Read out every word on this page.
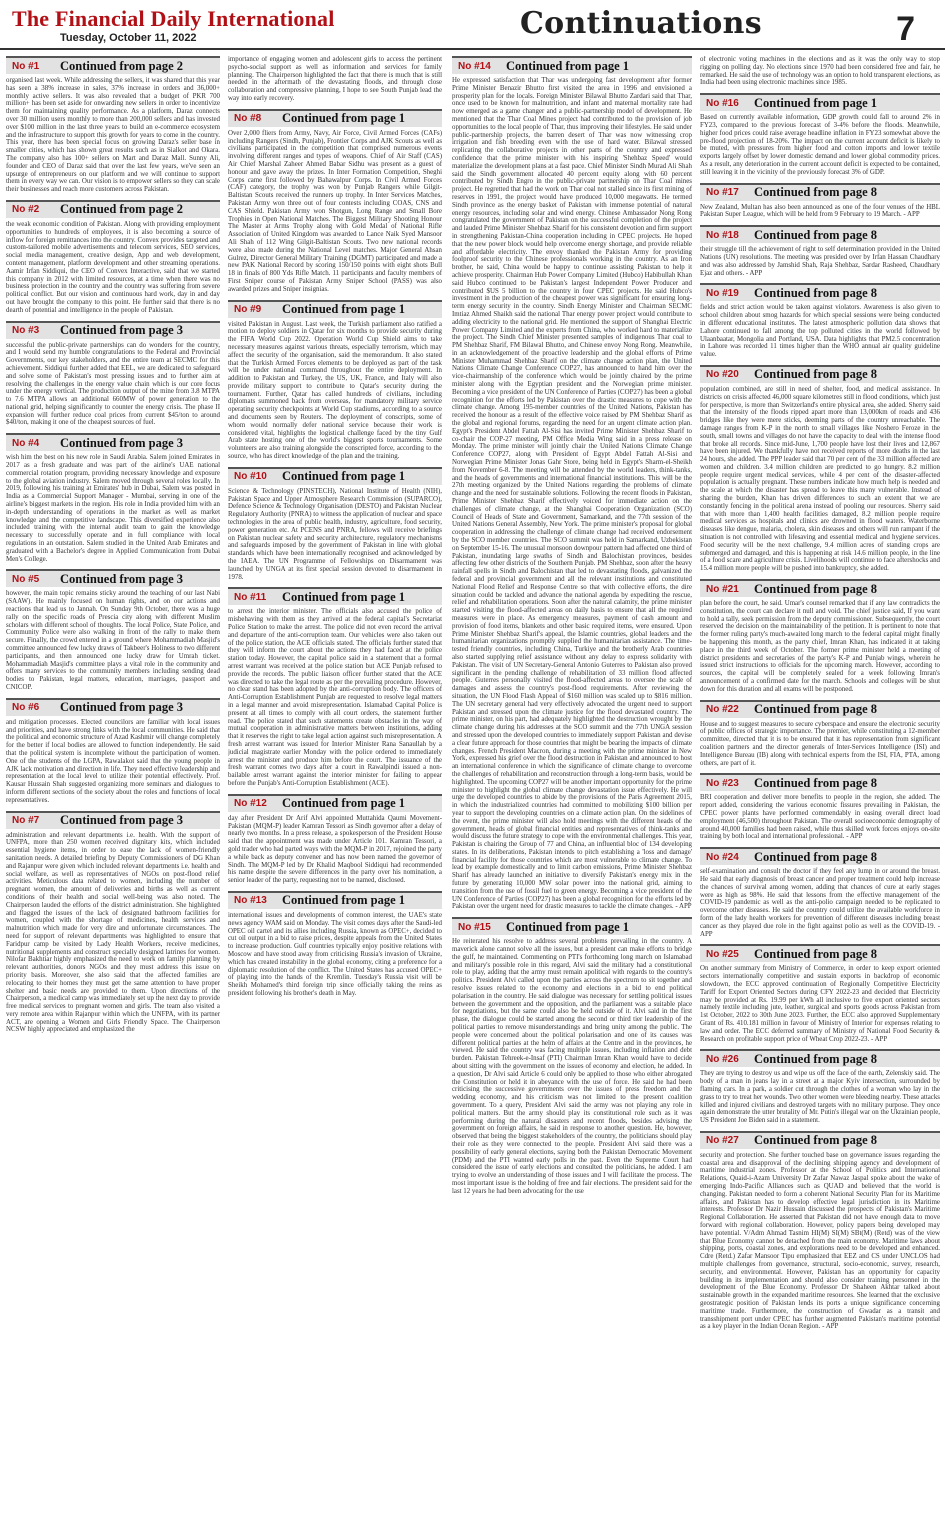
The Financial Daily International
Tuesday, October 11, 2022	Continuations	7
No #1	Continued from page 2
organised last week. While addressing the sellers, it was shared that this year has seen a 38% increase in sales, 37% increase in orders and 36,000+ monthly active sellers. It was also revealed that a budget of PKR 700 million+ has been set aside for onwarding new sellers in order to incentivize them for maintaining quality performance. As a platform, Daraz connects over 30 million users monthly to more than 200,000 sellers and has invested over $100 million in the last three years to build an e-commerce ecosystem and the infrastructure to support this growth for years to come in the country. This year, there has been special focus on growing Daraz's seller base in smaller cities, which has shown great results such as in Sialkot and Okara. The company also has 100+ sellers on Mart and Daraz Mall. Sunny Ali, founder and CEO of Daraz said that over the last few years, we've seen an upsurge of entrepreneurs on our platform and we will continue to support them in every way we can. Our vision is to empower sellers so they can scale their businesses and reach more customers across Pakistan.
No #2	Continued from page 2
the weak economic condition of Pakistan. Along with providing employment opportunities to hundreds of employees, it is also becoming a source of inflow for foreign remittances into the country. Convex provides targeted and custom-tailored mobile advertisements and telecom services, SEO services, social media management, creative design, App and web development, content management, platform development and other streaming operations. Aamir Irfan Siddiqui, the CEO of Convex Interactive, said that we started this company in 2012 with limited resources, at a time when there was no business protection in the country and the country was suffering from severe political conflict. But our vision and continuous hard work, day in and day out have brought the company to this point. He further said that there is no dearth of potential and intelligence in the people of Pakistan.
No #3	Continued from page 3
successful the public-private partnerships can do wonders for the country, and I would send my humble congratulations to the Federal and Provincial Governments, our key stakeholders, and the entire team at SECMC for this achievement. Siddiqui further added that EEL, we are dedicated to safeguard and solve some of Pakistan's most pressing issues and to further aim at resolving the challenges in the energy value chain which is our core focus under the energy vertical. The production output of the mine from 3.8 MTPA to 7.6 MTPA allows an additional 660MW of power generation to the national grid, helping significantly to counter the energy crisis. The phase II expansion will further reduce coal prices from current $45/ton to around $40/ton, making it one of the cheapest sources of fuel.
No #4	Continued from page 3
wish him the best on his new role in Saudi Arabia. Salem joined Emirates in 2017 as a fresh graduate and was part of the airline's UAE national commercial rotation program, providing necessary knowledge and exposure to the global aviation industry. Salem moved through several roles locally. In 2019, following his training at Emirates' hub in Dubai, Salem was posted in India as a Commercial Support Manager - Mumbai, serving in one of the airline's biggest markets in the region. His role in India provided him with an in-depth understanding of operations in the market as well as market knowledge and the competitive landscape. This diversified experience also included training with the internal audit team to gain the knowledge necessary to successfully operate and in full compliance with local regulations in an outstation. Salem studied in the United Arab Emirates and graduated with a Bachelor's degree in Applied Communication from Dubai Men's College.
No #5	Continued from page 3
however, the main topic remains sticky around the teaching of our last Nabi (SAAW). He mainly focused on human rights, and on our actions and reactions that lead us to Jannah. On Sunday 9th October, there was a huge rally on the specific roads of Prescia city along with different Muslim scholars with different school of thoughts. The local Police, State Police, and Community Police were also walking in front of the rally to make them secure. Finally, the crowd entered in a ground where Mohammadiah Masjid's committee announced few lucky draws of Takbeer's Holiness to two different participants, and then announced one lucky draw for Umrah ticket. Mohammadiah Masjid's committee plays a vital role in the community and offers many services to the community members including sending dead bodies to Pakistan, legal matters, education, marriages, passport and CNICOP.
No #6	Continued from page 3
and mitigation processes. Elected councilors are familiar with local issues and priorities, and have strong links with the local communities. He said that the political and economic structure of Azad Kashmir will change completely for the better if local bodies are allowed to function independently. He said that the political system is incomplete without the participation of women. One of the students of the LGPA, Rawalakot said that the young people in AJK lack motivation and direction in life. They need effective leadership and representation at the local level to utilize their potential effectively. Prof. Kausar Hussain Shah suggested organizing more seminars and dialogues to inform different sections of the society about the roles and functions of local representatives.
No #7	Continued from page 3
administration and relevant departments i.e. health. With the support of UNFPA, more than 250 women received dignitary kits, which included essential hygiene items, in order to ease the lack of women-friendly sanitation needs. A detailed briefing by Deputy Commissioners of DG Khan and Rajanpur were given which included relevant departments i.e. health and social welfare, as well as representatives of NGOs on post-flood relief activities. Meticulous data related to women, including the number of pregnant women, the amount of deliveries and births as well as current conditions of their health and social well-being was also noted. The Chairperson lauded the efforts of the district administration. She highlighted and flagged the issues of the lack of designated bathroom facilities for women, coupled with the shortage of medicines, health services and malnutrition which made for very dire and unfortunate circumstances. The need for support of relevant departments was highlighted to ensure that Faridpur camp be visited by Lady Health Workers, receive medicines, nutritional supplements and construct specially designed latrines for women. Nilofar Bakhtiar highly emphasized the need to work on family planning by relevant authorities, donors NGOs and they must address this issue on priority basis. Moreover, she also said that the affected families are relocating to their homes they must get the same attention to have proper shelter and basic needs are provided to them. Upon directions of the Chairperson, a medical camp was immediately set up the next day to provide free medical services to pregnant women and girls. The team also visited a very remote area within Rajanpur within which the UNFPA, with its partner ACT, are opening a Women and Girls Friendly Space. The Chairperson NCSW highly appreciated and emphasized the
importance of engaging women and adolescent girls to access the pertinent psycho-social support as well as information and services for family planning. The Chairperson highlighted the fact that there is much that is still needed in the aftermath of the devastating floods, and through close collaboration and compressive planning, I hope to see South Punjab lead the way into early recovery.
No #8	Continued from page 1
Over 2,000 fliers from Army, Navy, Air Force, Civil Armed Forces (CAFs) including Rangers (Sindh, Punjab), Frontier Corps and AJK Scouts as well as civilians participated in the competition that comprised numerous events involving different ranges and types of weapons. Chief of Air Staff (CAS) Air Chief Marshal Zaheer Ahmed Babar Sidhu was present as a guest of honour and gave away the prizes. In Inter Formation Competition, Sheghi Corps came first followed by Bahawalpur Corps. In Civil Armed Forces (CAF) category, the trophy was won by Punjab Rangers while Gilgit-Baltistan Scouts received the runners up trophy. In Inter Services Matches, Pakistan Army won three out of four contests including COAS, CNS and CAS Shield. Pakistan Army won Shotgun, Long Range and Small Bore Trophies in Open National Matches. The Biggest Military Shooting Honour The Master at Arms Trophy along with Gold Medal of National Rifle Association of United Kingdom was awarded to Lance Naik Syed Mansoor Ali Shah of 112 Wing Gilgit-Baltistan Scouts. Two new national records were also made during the National Level matches. Major General Ahsan Gulrez, Director General Military Training (DGMT) participated and made a new PAK National Record by scoring 150/150 points with eight shots Bull 18 in finals of 800 Yds Rifle Match. 11 participants and faculty members of First Sniper course of Pakistan Army Sniper School (PASS) was also awarded prizes and Sniper insignias.
No #9	Continued from page 1
visited Pakistan in August. Last week, the Turkish parliament also ratified a motion to deploy soldiers in Qatar for six months to provide security during the FIFA World Cup 2022. Operation World Cup Shield aims to take necessary measures against various threats, especially terrorism, which may affect the security of the organisation, said the memorandum. It also stated that the Turkish Armed Forces elements to be deployed as part of the task will be under national command throughout the entire deployment. In addition to Pakistan and Turkey, the US, UK, France, and Italy will also provide military support to contribute to Qatar's security during the tournament. Further, Qatar has called hundreds of civilians, including diplomats summoned back from overseas, for mandatory military service operating security checkpoints at World Cup stadiums, according to a source and documents seen by Reuters. The deployment of conscripts, some of whom would normally defer national service because their work is considered vital, highlights the logistical challenge faced by the tiny Gulf Arab state hosting one of the world's biggest sports tournaments. Some volunteers are also training alongside the conscripted force, according to the source, who has direct knowledge of the plan and the training.
No #10	Continued from page 1
Science & Technology (PINSTECH), National Institute of Health (NIH), Pakistan Space and Upper Atmosphere Research Commission (SUPARCO), Defence Science & Technology Organisation (DESTO) and Pakistan Nuclear Regulatory Authority (PNRA) to witness the application of nuclear and space technologies in the area of public health, industry, agriculture, food security, power generation etc. At PCENS and PNRA, fellows will receive briefings on Pakistan nuclear safety and security architecture, regulatory mechanisms and safeguards imposed by the government of Pakistan in line with global standards which have been internationally recognised and acknowledged by the IAEA. The UN Programme of Fellowships on Disarmament was launched by UNGA at its first special session devoted to disarmament in 1978.
No #11	Continued from page 1
to arrest the interior minister. The officials also accused the police of misbehaving with them as they arrived at the federal capital's Secretariat Police Station to make the arrest. The police did not even record the arrival and departure of the anti-corruption team. Our vehicles were also taken out of the police station, the ACE officials stated. The officials further stated that they will inform the court about the actions they had faced at the police station today. However, the capital police said in a statement that a formal arrest warrant was received at the police station but ACE Punjab refused to provide the records. The public liaison officer further stated that the ACE was directed to take the legal route as per the prevailing procedure. However, no clear stand has been adopted by the anti-corruption body. The officers of Anti-Corruption Establishment Punjab are requested to resolve legal matters in a legal manner and avoid misrepresentation. Islamabad Capital Police is present at all times to comply with all court orders, the statement further read. The police stated that such statements create obstacles in the way of mutual cooperation in administrative matters between institutions, adding that it reserves the right to take legal action against such misrepresentation. A fresh arrest warrant was issued for Interior Minister Rana Sanaullah by a judicial magistrate earlier Monday with the police ordered to immediately arrest the minister and produce him before the court. The issuance of the fresh warrant comes two days after a court in Rawalpindi issued a non-bailable arrest warrant against the interior minister for failing to appear before the Punjab's Anti-Corruption Establishment (ACE).
No #12	Continued from page 1
day after President Dr Arif Alvi appointed Muttahida Qaumi Movement-Pakistan (MQM-P) leader Kamran Tessori as Sindh governor after a delay of nearly two months. In a press release, a spokesperson of the President House said that the appointment was made under Article 101. Kamran Tessori, a gold trader who had parted ways with the MQM-P in 2017, rejoined the party a while back as deputy convener and has now been named the governor of Sindh. The MQM-P led by Dr Khalid Maqbool Siddiqui had recommended his name despite the severe differences in the party over his nomination, a senior leader of the party, requesting not to be named, disclosed.
No #13	Continued from page 1
international issues and developments of common interest, the UAE's state news agency WAM said on Monday. The visit comes days after the Saudi-led OPEC oil cartel and its allies including Russia, known as OPEC+, decided to cut oil output in a bid to raise prices, despite appeals from the United States to increase production. Gulf countries typically enjoy positive relations with Moscow and have stood away from criticising Russia's invasion of Ukraine, which has created instability in the global economy, citing a preference for a diplomatic resolution of the conflict. The United States has accused OPEC+ of playing into the hands of the Kremlin. Tuesday's Russia visit will be Sheikh Mohamed's third foreign trip since officially taking the reins as president following his brother's death in May.
No #14	Continued from page 1
He expressed satisfaction that Thar was undergoing fast development after former Prime Minister Benazir Bhutto first visited the area in 1996 and envisioned a prosperity plan for the locals. Foreign Minister Bilawal Bhutto Zardari said that Thar, once used to be known for malnutrition, and infant and maternal mortality rate had now emerged as a game changer and a public-partnership model of development. He mentioned that the Thar Coal Mines project had contributed to the provision of job opportunities to the local people of Thar, thus improving their lifestyles. He said under public-partnership projects, the barren desert of Thar was now witnessing crop irrigation and fish breeding even with the use of hard water. Bilawal stressed replicating the collaborative projects in other parts of the country and expressed confidence that the prime minister with his inspiring 'Shehbaz Speed' would materialize the development plans at a fast pace. Chief Minister Sindh Murad Ali Shah said the Sindh government allocated 40 percent equity along with 60 percent contributed by Sindh Engro in the public-private partnership on Thar Coal mines project. He regretted that had the work on Thar coal not stalled since its first mining of reserves in 1991, the project would have produced 10,000 megawatts. He termed Sindh province as the energy basket of Pakistan with immense potential of natural energy resources, including solar and wind energy. Chinese Ambassador Nong Rong congratulated the government of Pakistan on the successful completion of the project and lauded Prime Minister Shehbaz Sharif for his consistent devotion and firm support in strengthening Pakistan-China cooperation including in CPEC projects. He hoped that the new power block would help overcome energy shortage, and provide reliable and affordable electricity. The envoy thanked the Pakistan Army for providing foolproof security to the Chinese professionals working in the country. As an Iron brother, he said, China would be happy to continue assisting Pakistan to help it achieve prosperity. Chairman Hub Power Company Limited (Hubco) Habibullah Khan said Hubco continued to be Pakistan's largest Independent Power Producer and contributed $US 5 billion to the country in four CPEC projects. He said Hubco's investment in the production of the cheapest power was significant for ensuring long-term energy security in the country. Sindh Energy Minister and Chairman SECMC Imtiaz Ahmed Shaikh said the national Thar energy power project would contribute to adding electricity to the national grid. He mentioned the support of Shanghai Electric Power Company Limited and the experts from China, who worked hard to materialize the project. The Sindh Chief Minister presented samples of indigenous Thar coal to PM Shehbaz Sharif, FM Bilawal Bhutto, and Chinese envoy Nong Rong. Meanwhile, in an acknowledgement of the proactive leadership and the global efforts of Prime Minister Muhammad Shehbaz Sharif on the climate change action plan, the United Nations Climate Change Conference COP27, has announced to hand him over the vice-chairmanship of the conference which would be jointly chaired by the prime minister along with the Egyptian president and the Norwegian prime minister. Becoming a vice president of the UN Conference of Parties (COP27) has been a global recognition for the efforts led by Pakistan over the drastic measures to cope with the climate change. Among 195-member countries of the United Nations, Pakistan has received the honour as a result of the effective voice raised by PM Shehbaz Sharif as the global and regional forums, regarding the need for an urgent climate action plan. Egypt's President Abdel Fattah Al-Sisi has invited Prime Minister Shehbaz Sharif to co-chair the COP-27 meeting, PM Office Media Wing said in a press release on Monday. The prime minister will jointly chair the United Nations Climate Change Conference COP27, along with President of Egypt Abdel Fattah Al-Sisi and Norwegian Prime Minister Jonas Gahr Store, being held in Egypt's Sharm-el-Sheikh from November 6-8. The meeting will be attended by the world leaders, think-tanks, and the heads of governments and international financial institutions. This will be the 27th meeting organized by the United Nations regarding the problems of climate change and the need for sustainable solutions. Following the recent floods in Pakistan, Prime Minister Shehbaz Sharif effectively voiced for immediate action on the challenges of climate change, at the Shanghai Cooperation Organization (SCO) Council of Heads of State and Government, Samarkand, and the 77th session of the United Nations General Assembly, New York. The prime minister's proposal for global cooperation in addressing the challenge of climate change had received endorsement by the SCO member countries. The SCO summit was held in Samarkand, Uzbekistan on September 15-16. The unusual monsoon downpour pattern had affected one third of Pakistan, inundating large swaths of Sindh and Balochistan provinces, besides affecting few other districts of the Southern Punjab. PM Shehbaz, soon after the heavy rainfall spells in Sindh and Balochistan that led to devastating floods, galvanized the federal and provincial government and all the relevant institutions and constituted National Flood Relief and Response Centre so that with collective efforts, the dire situation could be tackled and advance the national agenda by expediting the rescue, relief and rehabilitation operations. Soon after the natural calamity, the prime minister started visiting the flood-affected areas on daily basis to ensure that all the required measures were in place. As emergency measures, payment of cash amount and provision of food items, blankets and other basic required items, were ensured. Upon Prime Minister Shehbaz Sharif's appeal, the Islamic countries, global leaders and the humanitarian organizations promptly supplied the humanitarian assistance. The time-tested friendly countries, including China, Turkiye and the brotherly Arab countries also started supplying relief assistance without any delay to express solidarity with Pakistan. The visit of UN Secretary-General Antonio Guterres to Pakistan also proved significant in the pending challenge of rehabilitation of 33 million flood affected people. Guterres personally visited the flood-affected areas to oversee the scale of damages and assess the country's post-flood requirements. After reviewing the situation, the UN Flood Flash Appeal of $160 million was scaled up to $816 million. The UN secretary general had very effectively advocated the urgent need to support Pakistan and stressed upon the climate justice for the flood devastated country. The prime minister, on his part, had adequately highlighted the destruction wrought by the climate change during his addresses at the SCO summit and the 77th UNGA session and stressed upon the developed countries to immediately support Pakistan and devise a clear future approach for those countries that might be bearing the impacts of climate changes. French President Macron, during a meeting with the prime minister in New York, expressed his grief over the flood destruction in Pakistan and announced to host an international conference in which the significance of climate change to overcome the challenges of rehabilitation and reconstruction through a long-term basis, would be highlighted. The upcoming COP27 will be another important opportunity for the prime minister to highlight the global climate change devastation issue effectively. He will urge the developed countries to abide by the provisions of the Paris Agreement 2015, in which the industrialized countries had committed to mobilizing $100 billion per year to support the developing countries on a climate action plan. On the sidelines of the event, the prime minister will also hold meetings with the different heads of the government, heads of global financial entities and representatives of think-tanks and would discuss the future strategy to cope with the environmental challenges. This year, Pakistan is chairing the Group of 77 and China, an influential bloc of 134 developing states. In its deliberations, Pakistan intends to pitch establishing a 'loss and damage' financial facility for those countries which are most vulnerable to climate change. To lead by example domestically and to limit carbon emissions, Prime Minister Shehbaz Sharif has already launched an initiative to diversify Pakistan's energy mix in the future by generating 10,000 MW solar power into the national grid, aiming to transition from the use of fossil fuel to green energy. Becoming a vice president of the UN Conference of Parties (COP27) has been a global recognition for the efforts led by Pakistan over the urgent need for drastic measures to tackle the climate changes. - APP
No #15	Continued from page 1
He reiterated his resolve to address several problems prevailing in the country. A maverick alone cannot solve all the issues, but a president can make efforts to bridge the gulf, he maintained. Commenting on PTI's forthcoming long march on Islamabad and military's possible role in this regard, Alvi said the military had a constitutional role to play, adding that the army must remain apolitical with regards to the country's politics. President Alvi called upon the parties across the spectrum to sit together and resolve issues related to the economy and elections in a bid to end political polarisation in the country. He said dialogue was necessary for settling political issues between the government and the opposition, and the parliament was a suitable place for negotiations, but the same could also be held outside of it. Alvi said in the first phase, the dialogue could be started among the second or third tier leadership of the political parties to remove misunderstandings and bring unity among the public. The people were concerned about the political polarisation and one of its causes was different political parties at the helm of affairs at the Centre and in the provinces, he viewed. He said the country was facing multiple issues, including inflation and debt burden. Pakistan Tehreek-e-Insaf (PTI) Chairman Imran Khan would have to decide about sitting with the government on the issues of economy and election, he added. In a question, Dr Alvi said Article 6 could only be applied to those who either abrogated the Constitution or held it in abeyance with the use of force. He said he had been criticising the successive governments over the issues of press freedom and the wedding economy, and his criticism was not limited to the present coalition government. To a query, President Alvi said the army was not playing any role in political matters. But the army should play its constitutional role such as it was performing during the natural disasters and recent floods, besides advising the government on foreign affairs, he said in response to another question. He, however, observed that being the biggest stakeholders of the country, the politicians should play their role as they were connected to the people. President Alvi said there was a possibility of early general elections, saying both the Pakistan Democratic Movement (PDM) and the PTI wanted early polls in the past. Even the Supreme Court had considered the issue of early elections and consulted the politicians, he added. I am trying to evolve an understanding of those issues and I will facilitate the process. The most important issue is the holding of free and fair elections. The president said for the last 12 years he had been advocating for the use
of electronic voting machines in the elections and as it was the only way to stop rigging on polling day. No elections since 1970 had been considered free and fair, he remarked. He said the use of technology was an option to hold transparent elections, as India had been using electronic machines since 1985.
No #16	Continued from page 1
Based on currently available information, GDP growth could fall to around 2% in FY23, compared to the previous forecast of 3-4% before the floods. Meanwhile, higher food prices could raise average headline inflation in FY23 somewhat above the pre-flood projection of 18-20%. The impact on the current account deficit is likely to be muted, with pressures from higher food and cotton imports and lower textile exports largely offset by lower domestic demand and lower global commodity prices. As a result, any deterioration in the current account deficit is expected to be contained, still leaving it in the vicinity of the previously forecast 3% of GDP.
No #17	Continued from page 8
New Zealand, Multan has also been announced as one of the four venues of the HBL Pakistan Super League, which will be held from 9 February to 19 March. - APP
No #18	Continued from page 8
their struggle till the achievement of right to self determination provided in the United Nations (UN) resolutions. The meeting was presided over by Irfan Hassan Chaudhary and was also addressed by Jamshid Shah, Raja Shehbaz, Sardar Rasheed, Chaudhary Ejaz and others. - APP
No #19	Continued from page 8
fields and strict action would be taken against violators. Awareness is also given to school children about smog hazards for which special sessions were being conducted in different educational institutes. The latest atmospheric pollution data shows that Lahore continued to fall among the top polluted cities in the world followed by Ulaanbaatar, Mongolia and Portland, USA. Data highlights that PM2.5 concentration in Lahore was recorded 11 times higher than the WHO annual air quality guideline value.
No #20	Continued from page 8
population combined, are still in need of shelter, food, and medical assistance. In districts on crisis affected 46,000 square kilometres still in flood conditions, which just for perspective, is more than Switzerland's entire physical area, she added. Sherry said that the intensity of the floods ripped apart more than 13,000km of roads and 436 bridges like they were mere sticks, deeming parts of the country unreachable. The damage ranges from K-P in the north to small villages like Noshero Feroze in the south, small towns and villages do not have the capacity to deal with the intense flood that broke all records. Since mid-June, 1,700 people have lost their lives and 12,867 have been injured. We thankfully have not received reports of more deaths in the last 24 hours, she added. The PPP leader said that 70 per cent of the 33 million affected are women and children. 3.4 million children are predicted to go hungry. 8.2 million people require urgent medical services, while 4 per cent of the disaster-affected population is actually pregnant. These numbers indicate how much help is needed and the scale at which the disaster has spread to leave this many vulnerable. Instead of sharing the burden, Khan has driven differences to such an extent that we are constantly fencing in the political arena instead of pooling our resources. Sherry said that with more than 1,400 health facilities damaged, 8.2 million people require medical services as hospitals and clinics are drowned in flood waters. Waterborne diseases like dengue, malaria, cholera, skin diseases and others will run rampant if the situation is not controlled with lifesaving and essential medical and hygiene services. Food security will be the next challenge, 9.4 million acres of standing crops are submerged and damaged, and this is happening at risk 14.6 million people, in the line of a food scare and agriculture crisis. Livelihoods will continue to face aftershocks and 15.4 million more people will be pushed into bankruptcy, she added.
No #21	Continued from page 8
plan before the court, he said. Umar's counsel remarked that if any law contradicts the constitution, the court can declare it null and void. The chief justice said, If you want to hold a tally, seek permission from the deputy commissioner. Subsequently, the court reserved the decision on the maintainability of the petition. It is pertinent to note that the former ruling party's much-awaited long march to the federal capital might finally be happening this month, as the party chief, Imran Khan, has indicated it at taking place in the third week of October. The former prime minister held a meeting of district presidents and secretaries of the party's K-P and Punjab wings, wherein he issued strict instructions to officials for the upcoming march. However, according to sources, the capital will be completely sealed for a week following Imran's announcement of a confirmed date for the march. Schools and colleges will be shut down for this duration and all exams will be postponed.
No #22	Continued from page 8
House and to suggest measures to secure cyberspace and ensure the electronic security of public offices of strategic importance. The premier, while constituting a 12-member committee, directed that it is to be ensured that it has representation from significant coalition partners and the director generals of Inter-Services Intelligence (ISI) and Intelligence Bureau (IB) along with technical experts from the ISI, FIA, PTA, among others, are part of it.
No #23	Continued from page 8
BRI cooperation and deliver more benefits to people in the region, she added. The report added, considering the various economic fissures prevailing in Pakistan, the CPEC power plants have performed commendably in easing overall direct load employment (46,500) throughout Pakistan. The overall socioeconomic demography of around 40,000 families had been raised, while thus skilled work forces enjoys on-site training by both local and international professional. - APP
No #24	Continued from page 8
self-examination and consult the doctor if they feel any lump in or around the breast. He said that early diagnosis of breast cancer and proper treatment could help increase the chances of survival among women, adding that chances of cure at early stages were as high as 98%. He said that lessons from the effective management of the COVID-19 pandemic as well as the anti-polio campaign needed to be replicated to overcome other diseases. He said the country could utilize the available workforce in form of the lady health workers for prevention of different diseases including breast cancer as they played due role in the fight against polio as well as the COVID-19. - APP
No #25	Continued from page 8
On another summary from Ministry of Commerce, in order to keep export oriented sectors internationally competitive and sustain exports in backdrop of economic slowdown, the ECC approved continuation of Regionally Competitive Electricity Tariff for Export Oriented Sectors during CFY 2022-23 and decided that Electricity may be provided at Rs. 19.99 per kWh all inclusive to five export oriented sectors namely textile including jute, leather, surgical and sports goods across Pakistan from 1st October, 2022 to 30th June 2023. Further, the ECC also approved Supplementary Grant of Rs. 410.181 million in favour of Ministry of Interior for expenses relating to law and order. The ECC deferred summary of Ministry of National Food Security & Research on profitable support price of Wheat Crop 2022-23. - APP
No #26	Continued from page 8
They are trying to destroy us and wipe us off the face of the earth, Zelenskiy said. The body of a man in jeans lay in a street at a major Kyiv intersection, surrounded by flaming cars. In a park, a soldier cut through the clothes of a woman who lay in the grass to try to treat her wounds. Two other women were bleeding nearby. These attacks killed and injured civilians and destroyed targets with no military purpose. They once again demonstrate the utter brutality of Mr. Putin's illegal war on the Ukrainian people, US President Joe Biden said in a statement.
No #27	Continued from page 8
security and protection. She further touched base on governance issues regarding the coastal area and disapproval of the declining shipping agency and development of maritime industrial zones. Professor at the School of Politics and International Relations, Quaid-i-Azam University Dr Zafar Nawaz Jaspal spoke about the wake of emerging Indo-Pacific Alliances such as QUAD and believed that the world is changing. Pakistan needed to form a coherent National Security Plan for its Maritime affairs, and Pakistan has to develop effective legal jurisdiction in its Maritime interests. Professor Dr Nazir Hussain discussed the prospects of Pakistan's Maritime Regional Collaboration. He asserted that Pakistan did not have enough data to move forward with regional collaboration. However, policy papers being developed may have potential. V/Adm Ahmad Tasnim HI(M) SI(M) SBt(M) (Retd) was of the view that Blue Economy cannot be detached from the main economy. Maritime laws about shipping, ports, coastal zones, and explorations need to be developed and enhanced. Cdre (Retd.) Zafar Mansoor Tipu emphasized that EEZ and CS under UNCLOS had multiple challenges from governance, structural, socio-economic, survey, research, security, and environmental. However, Pakistan has an opportunity for capacity building in its implementation and should also consider training personnel in the development of the Blue Economy. Professor Dr Shaheen Akhtar talked about sustainable growth in the expanded maritime resources. She learned that the exclusive geostrategic position of Pakistan lends its ports a unique significance concerning maritime trade. Furthermore, the construction of Gwadar as a transit and transshipment port under CPEC has further augmented Pakistan's maritime potential as a key player in the Indian Ocean Region. - APP
